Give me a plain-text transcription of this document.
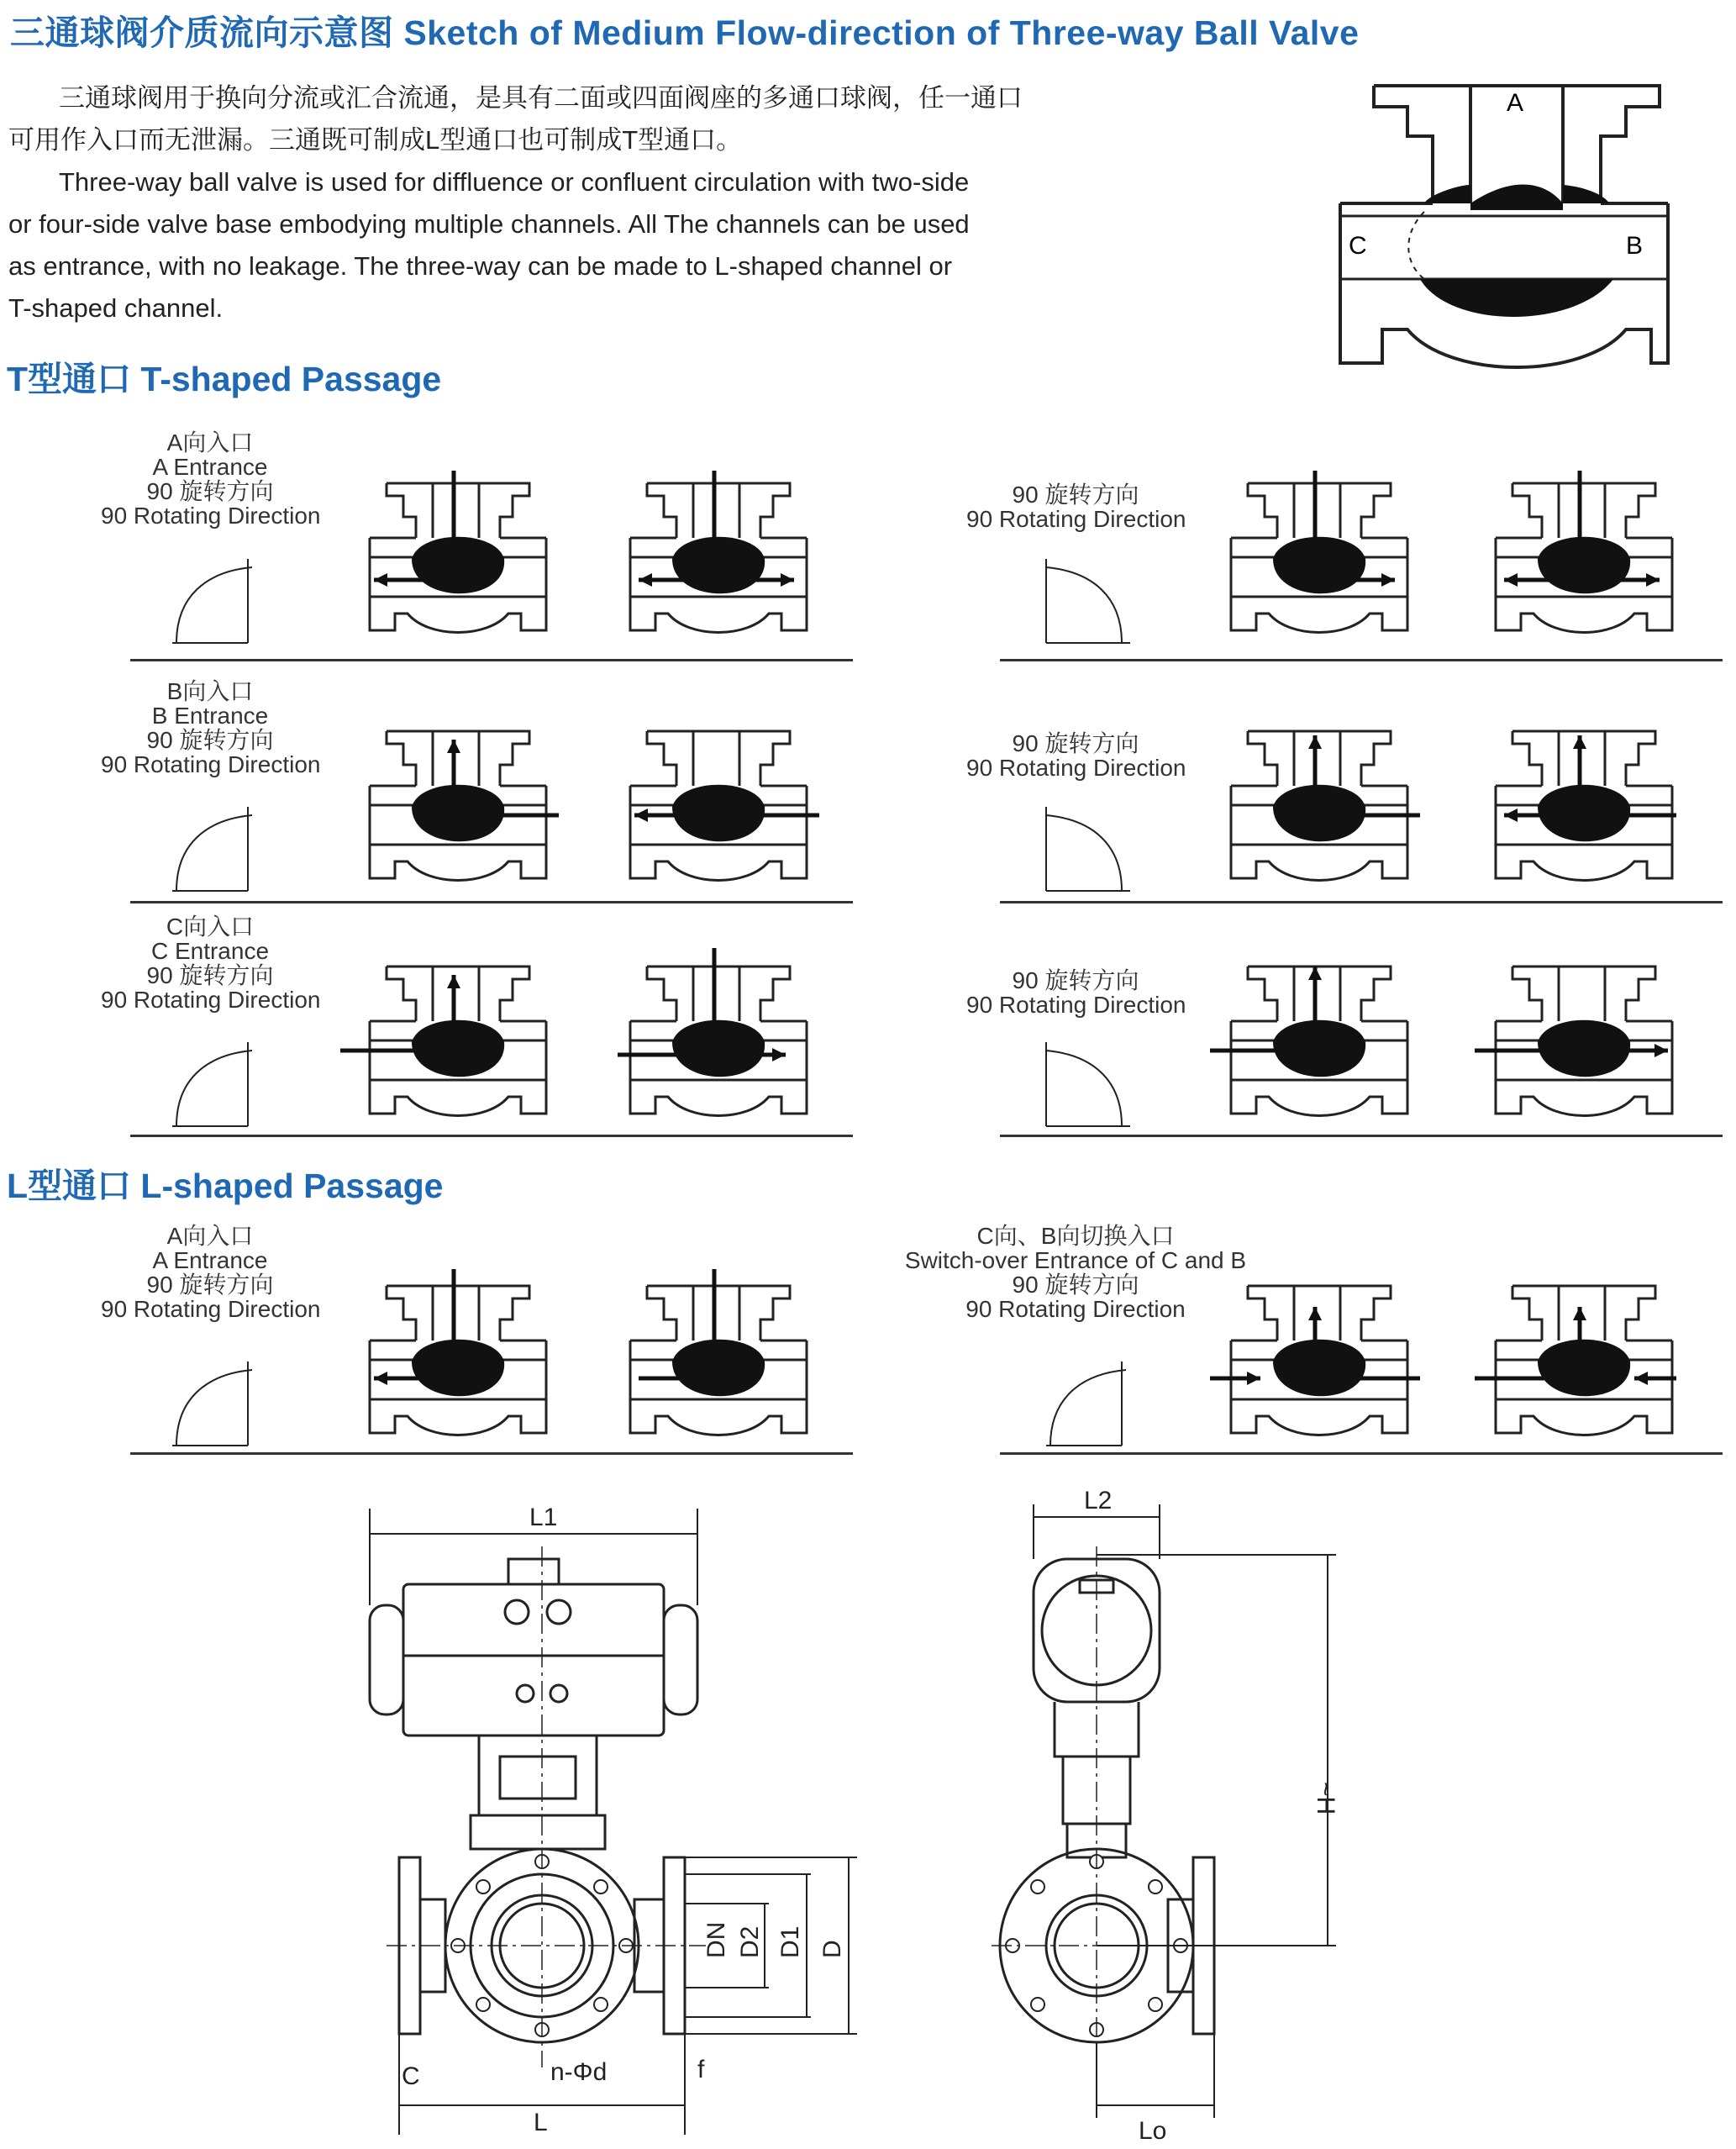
三通球阀介质流向示意图 Sketch of Medium Flow-direction of Three-way Ball Valve
三通球阀用于换向分流或汇合流通，是具有二面或四面阀座的多通口球阀，任一通口
可用作入口而无泄漏。三通既可制成L型通口也可制成T型通口。
Three-way ball valve is used for diffluence or confluent circulation with two-side
or four-side valve base embodying multiple channels. All The channels can be used
as entrance, with no leakage. The three-way can be made to L-shaped channel or
T-shaped channel.
A
C	B
T型通口 T-shaped Passage
A向入口
A Entrance
90 旋转方向
90 Rotating Direction
90 旋转方向
90 Rotating Direction
B向入口
B Entrance
90 旋转方向
90 Rotating Direction
90 旋转方向
90 Rotating Direction
C向入口
C Entrance
90 旋转方向
90 Rotating Direction
90 旋转方向
90 Rotating Direction
L型通口 L-shaped Passage
A向入口
A Entrance
90 旋转方向
90 Rotating Direction
C向、B向切换入口
Switch-over Entrance of C and B
90 旋转方向
90 Rotating Direction
L1
L
C	n-Φd	f
DN D2 D1 D
L2
~H
Lo
